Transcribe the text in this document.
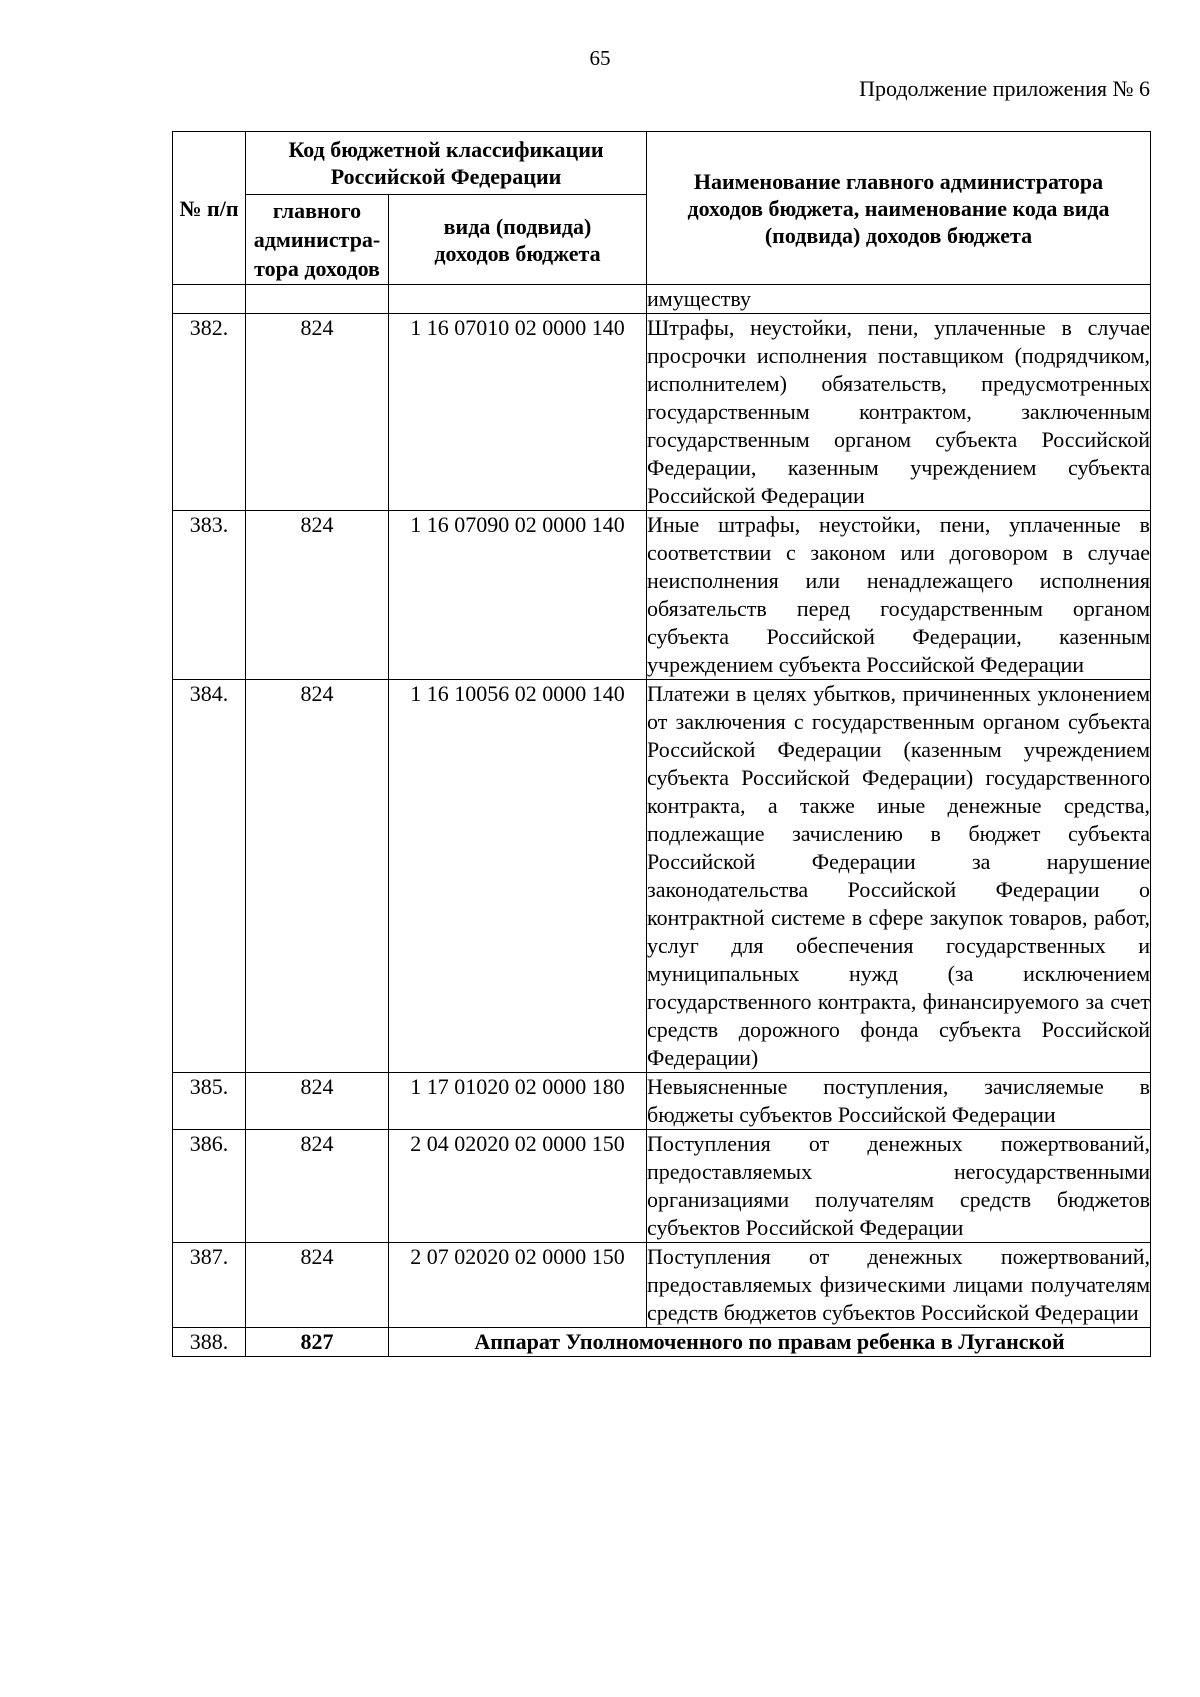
65
Продолжение приложения № 6
№ п/п	Код бюджетной классификации Российской Федерации		Наименование главного администратора доходов бюджета, наименование кода вида (подвида) доходов бюджета
	главного администра-тора доходов	вида (подвида) доходов бюджета	
			имуществу
382.	824	1 16 07010 02 0000 140	Штрафы, неустойки, пени, уплаченные в случае просрочки исполнения поставщиком (подрядчиком, исполнителем) обязательств, предусмотренных государственным контрактом, заключенным государственным органом субъекта Российской Федерации, казенным учреждением субъекта Российской Федерации
383.	824	1 16 07090 02 0000 140	Иные штрафы, неустойки, пени, уплаченные в соответствии с законом или договором в случае неисполнения или ненадлежащего исполнения обязательств перед государственным органом субъекта Российской Федерации, казенным учреждением субъекта Российской Федерации
384.	824	1 16 10056 02 0000 140	Платежи в целях убытков, причиненных уклонением от заключения с государственным органом субъекта Российской Федерации (казенным учреждением субъекта Российской Федерации) государственного контракта, а также иные денежные средства, подлежащие зачислению в бюджет субъекта Российской Федерации за нарушение законодательства Российской Федерации о контрактной системе в сфере закупок товаров, работ, услуг для обеспечения государственных и муниципальных нужд (за исключением государственного контракта, финансируемого за счет средств дорожного фонда субъекта Российской Федерации)
385.	824	1 17 01020 02 0000 180	Невыясненные поступления, зачисляемые в бюджеты субъектов Российской Федерации
386.	824	2 04 02020 02 0000 150	Поступления от денежных пожертвований, предоставляемых негосударственными организациями получателям средств бюджетов субъектов Российской Федерации
387.	824	2 07 02020 02 0000 150	Поступления от денежных пожертвований, предоставляемых физическими лицами получателям средств бюджетов субъектов Российской Федерации
388.	827	Аппарат Уполномоченного по правам ребенка в Луганской	
